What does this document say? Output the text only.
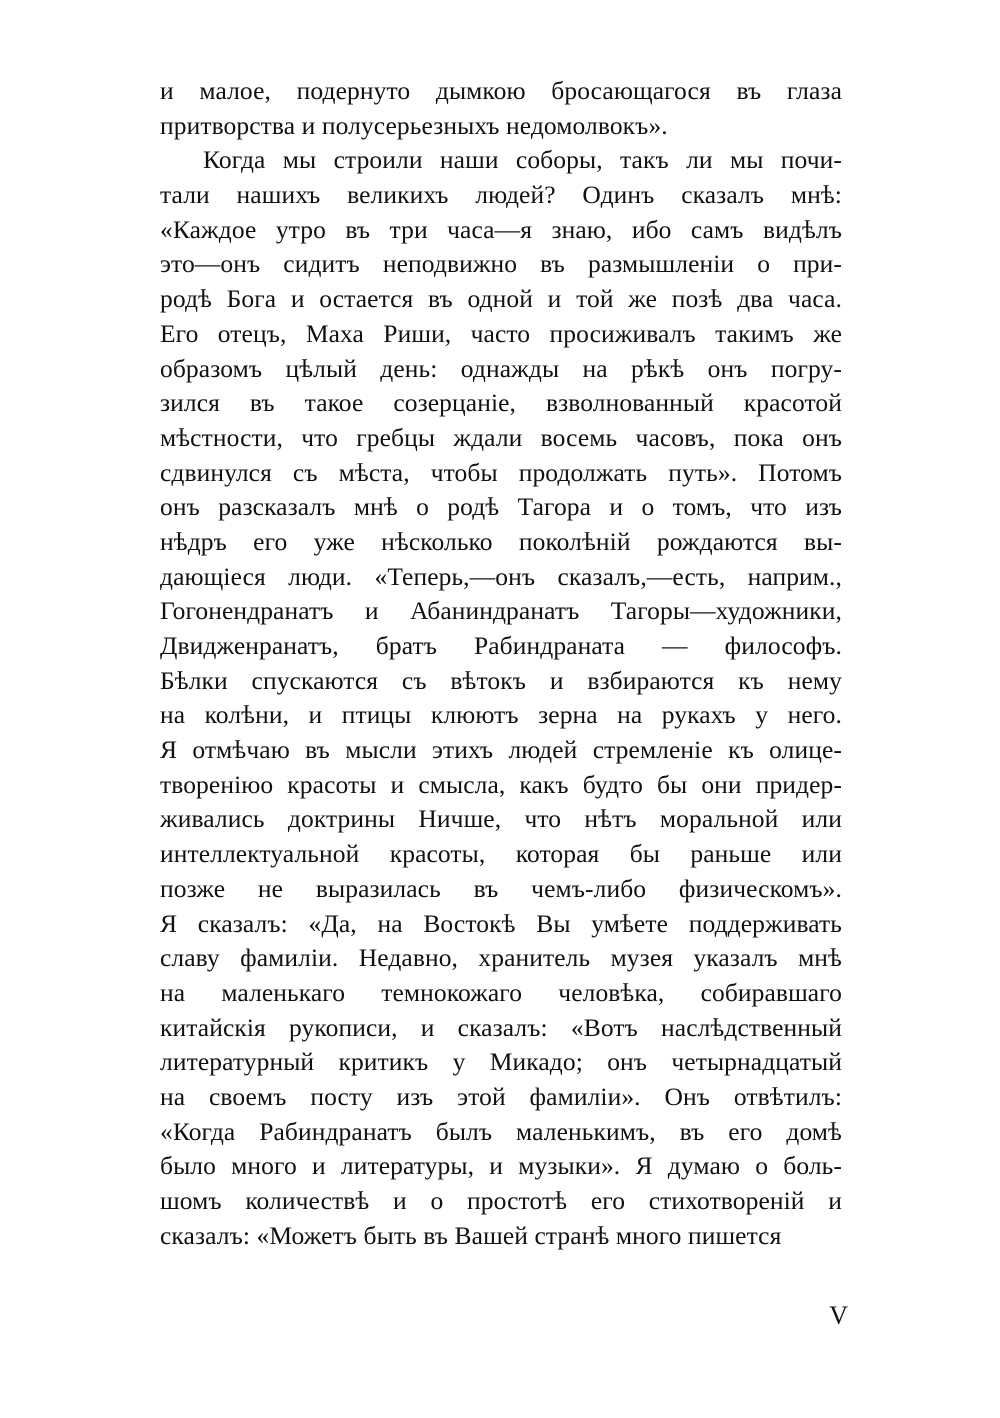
и малое, подернуто дымкою бросающагося въ глаза
притворства и полусерьезныхъ недомолвокъ».
Когда мы строили наши соборы, такъ ли мы почи-
тали нашихъ великихъ людей? Одинъ сказалъ мнѣ:
«Каждое утро въ три часа—я знаю, ибо самъ видѣлъ
это—онъ сидитъ неподвижно въ размышленіи о при-
родѣ Бога и остается въ одной и той же позѣ два часа.
Его отецъ, Маха Риши, часто просиживалъ такимъ же
образомъ цѣлый день: однажды на рѣкѣ онъ погру-
зился въ такое созерцаніе, взволнованный красотой
мѣстности, что гребцы ждали восемь часовъ, пока онъ
сдвинулся съ мѣста, чтобы продолжать путь». Потомъ
онъ разсказалъ мнѣ о родѣ Тагора и о томъ, что изъ
нѣдръ его уже нѣсколько поколѣній рождаются вы-
дающіеся люди. «Теперь,—онъ сказалъ,—есть, наприм.,
Гогонендранатъ и Абаниндранатъ Тагоры—художники,
Двидженранатъ, братъ Рабиндраната — философъ.
Бѣлки спускаются съ вѣтокъ и взбираются къ нему
на колѣни, и птицы клюютъ зерна на рукахъ у него.
Я отмѣчаю въ мысли этихъ людей стремленіе къ олице-
твореніюо красоты и смысла, какъ будто бы они придер-
живались доктрины Ничше, что нѣтъ моральной или
интеллектуальной красоты, которая бы раньше или
позже не выразилась въ чемъ-либо физическомъ».
Я сказалъ: «Да, на Востокѣ Вы умѣете поддерживать
славу фамиліи. Недавно, хранитель музея указалъ мнѣ
на маленькаго темнокожаго человѣка, собиравшаго
китайскія рукописи, и сказалъ: «Вотъ наслѣдственный
литературный критикъ у Микадо; онъ четырнадцатый
на своемъ посту изъ этой фамиліи». Онъ отвѣтилъ:
«Когда Рабиндранатъ былъ маленькимъ, въ его домѣ
было много и литературы, и музыки». Я думаю о боль-
шомъ количествѣ и о простотѣ его стихотвореній и
сказалъ: «Можетъ быть въ Вашей странѣ много пишется
V
